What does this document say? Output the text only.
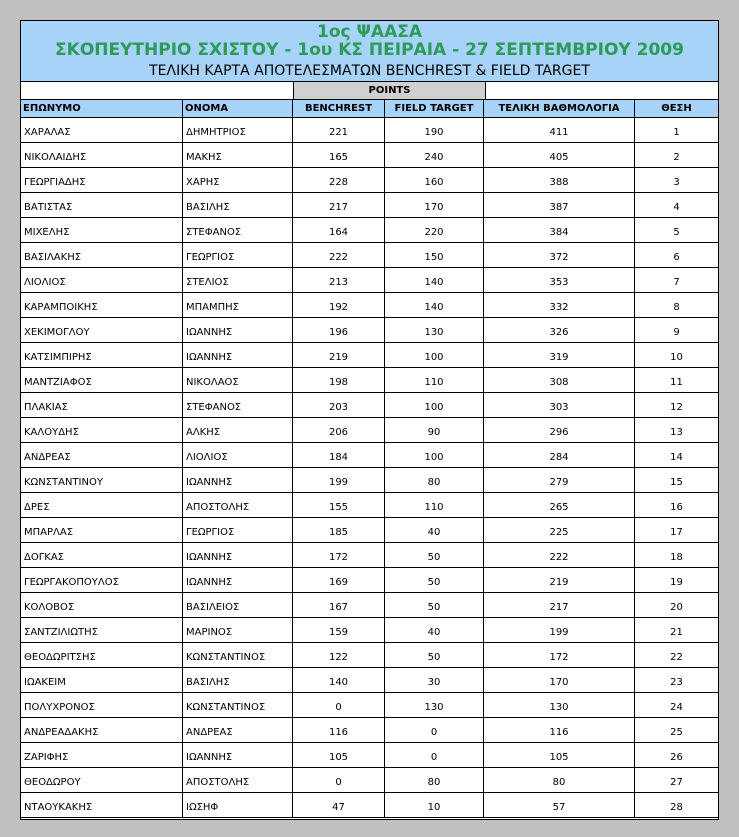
1ος ΨΑΑΣΑ
ΣΚΟΠΕΥΤΗΡΙΟ ΣΧΙΣΤΟΥ - 1ου ΚΣ ΠΕΙΡΑΙΑ - 27 ΣΕΠΤΕΜΒΡΙΟΥ 2009
ΤΕΛΙΚΗ ΚΑΡΤΑ ΑΠΟΤΕΛΕΣΜΑΤΩΝ BENCHREST & FIELD TARGET
POINTS
ΕΠΩΝΥΜΟ	ΟΝΟΜΑ	BENCHREST	FIELD TARGET	ΤΕΛΙΚΗ ΒΑΘΜΟΛΟΓΙΑ	ΘΕΣΗ
ΧΑΡΑΛΑΣ	ΔΗΜΗΤΡΙΟΣ	221	190	411	1
ΝΙΚΟΛΑΙΔΗΣ	ΜΑΚΗΣ	165	240	405	2
ΓΕΩΡΓΙΑΔΗΣ	ΧΑΡΗΣ	228	160	388	3
ΒΑΤΙΣΤΑΣ	ΒΑΣΙΛΗΣ	217	170	387	4
ΜΙΧΕΛΗΣ	ΣΤΕΦΑΝΟΣ	164	220	384	5
ΒΑΣΙΛΑΚΗΣ	ΓΕΩΡΓΙΟΣ	222	150	372	6
ΛΙΟΛΙΟΣ	ΣΤΕΛΙΟΣ	213	140	353	7
ΚΑΡΑΜΠΟΙΚΗΣ	ΜΠΑΜΠΗΣ	192	140	332	8
ΧΕΚΙΜΟΓΛΟΥ	ΙΩΑΝΝΗΣ	196	130	326	9
ΚΑΤΣΙΜΠΙΡΗΣ	ΙΩΑΝΝΗΣ	219	100	319	10
ΜΑΝΤΖΙΑΦΟΣ	ΝΙΚΟΛΑΟΣ	198	110	308	11
ΠΛΑΚΙΑΣ	ΣΤΕΦΑΝΟΣ	203	100	303	12
ΚΑΛΟΥΔΗΣ	ΑΛΚΗΣ	206	90	296	13
ΑΝΔΡΕΑΣ	ΛΙΟΛΙΟΣ	184	100	284	14
ΚΩΝΣΤΑΝΤΙΝΟΥ	ΙΩΑΝΝΗΣ	199	80	279	15
ΔΡΕΣ	ΑΠΟΣΤΟΛΗΣ	155	110	265	16
ΜΠΑΡΛΑΣ	ΓΕΩΡΓΙΟΣ	185	40	225	17
ΔΟΓΚΑΣ	ΙΩΑΝΝΗΣ	172	50	222	18
ΓΕΩΡΓΑΚΟΠΟΥΛΟΣ	ΙΩΑΝΝΗΣ	169	50	219	19
ΚΟΛΟΒΟΣ	ΒΑΣΙΛΕΙΟΣ	167	50	217	20
ΣΑΝΤΖΙΛΙΩΤΗΣ	ΜΑΡΙΝΟΣ	159	40	199	21
ΘΕΟΔΩΡΙΤΣΗΣ	ΚΩΝΣΤΑΝΤΙΝΟΣ	122	50	172	22
ΙΩΑΚΕΙΜ	ΒΑΣΙΛΗΣ	140	30	170	23
ΠΟΛΥΧΡΟΝΟΣ	ΚΩΝΣΤΑΝΤΙΝΟΣ	0	130	130	24
ΑΝΔΡΕΑΔΑΚΗΣ	ΑΝΔΡΕΑΣ	116	0	116	25
ΖΑΡΙΦΗΣ	ΙΩΑΝΝΗΣ	105	0	105	26
ΘΕΟΔΩΡΟΥ	ΑΠΟΣΤΟΛΗΣ	0	80	80	27
ΝΤΑΟΥΚΑΚΗΣ	ΙΩΣΗΦ	47	10	57	28
